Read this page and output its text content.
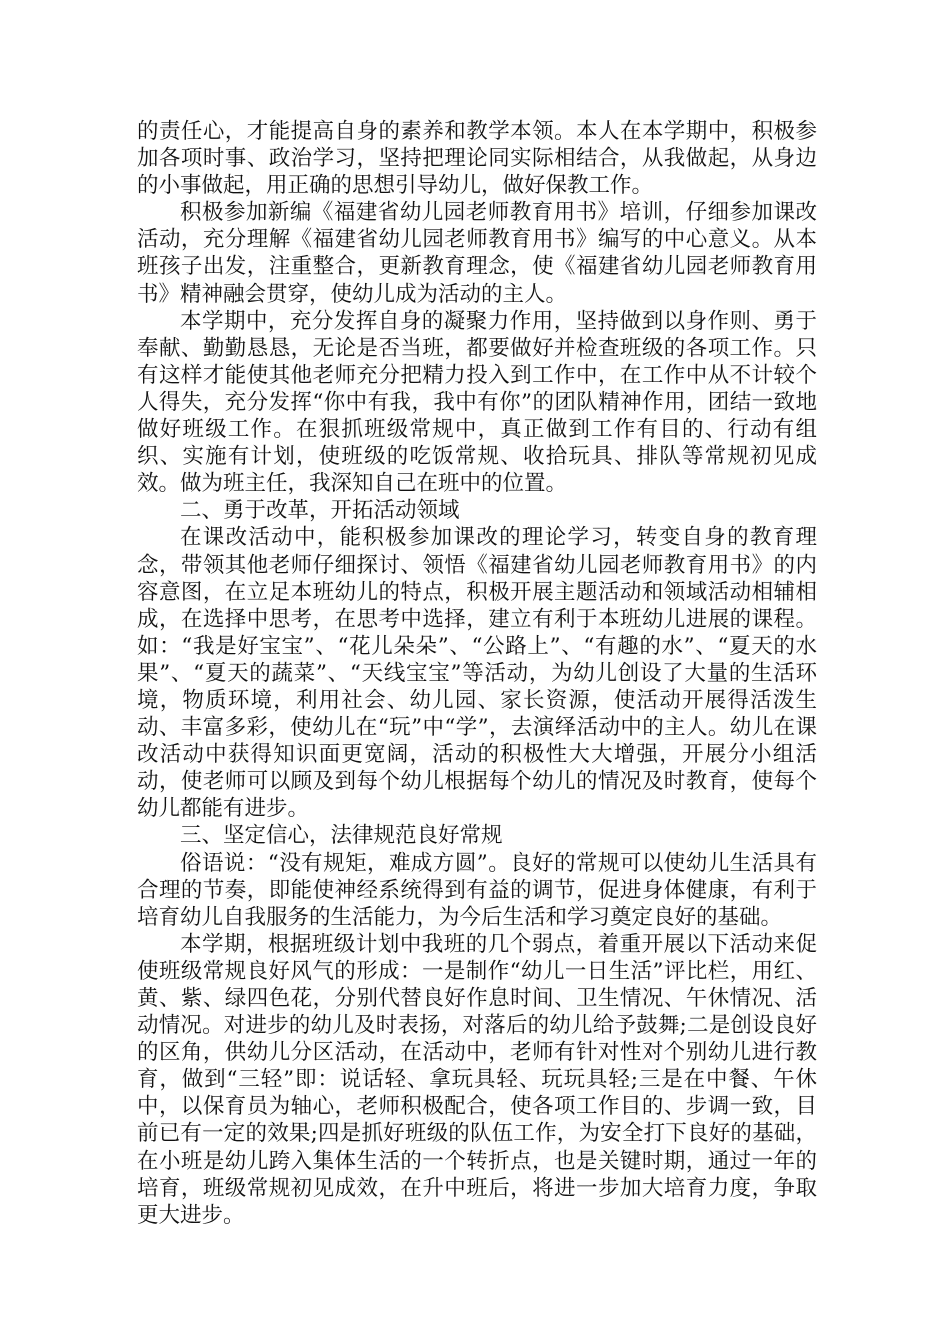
的责任心，才能提高自身的素养和教学本领。本人在本学期中，积极参加各项时事、政治学习，坚持把理论同实际相结合，从我做起，从身边的小事做起，用正确的思想引导幼儿，做好保教工作。

积极参加新编《福建省幼儿园老师教育用书》培训，仔细参加课改活动，充分理解《福建省幼儿园老师教育用书》编写的中心意义。从本班孩子出发，注重整合，更新教育理念，使《福建省幼儿园老师教育用书》精神融会贯穿，使幼儿成为活动的主人。

本学期中，充分发挥自身的凝聚力作用，坚持做到以身作则、勇于奉献、勤勤恳恳，无论是否当班，都要做好并检查班级的各项工作。只有这样才能使其他老师充分把精力投入到工作中，在工作中从不计较个人得失，充分发挥“你中有我，我中有你”的团队精神作用，团结一致地做好班级工作。在狠抓班级常规中，真正做到工作有目的、行动有组织、实施有计划，使班级的吃饭常规、收拾玩具、排队等常规初见成效。做为班主任，我深知自己在班中的位置。

二、勇于改革，开拓活动领域

在课改活动中，能积极参加课改的理论学习，转变自身的教育理念，带领其他老师仔细探讨、领悟《福建省幼儿园老师教育用书》的内容意图，在立足本班幼儿的特点，积极开展主题活动和领域活动相辅相成，在选择中思考，在思考中选择，建立有利于本班幼儿进展的课程。如：“我是好宝宝”、“花儿朵朵”、“公路上”、“有趣的水”、“夏天的水果”、“夏天的蔬菜”、“天线宝宝”等活动，为幼儿创设了大量的生活环境，物质环境，利用社会、幼儿园、家长资源，使活动开展得活泼生动、丰富多彩，使幼儿在“玩”中“学”，去演绎活动中的主人。幼儿在课改活动中获得知识面更宽阔，活动的积极性大大增强，开展分小组活动，使老师可以顾及到每个幼儿根据每个幼儿的情况及时教育，使每个幼儿都能有进步。

三、坚定信心，法律规范良好常规

俗语说：“没有规矩，难成方圆”。良好的常规可以使幼儿生活具有合理的节奏，即能使神经系统得到有益的调节，促进身体健康，有利于培育幼儿自我服务的生活能力，为今后生活和学习奠定良好的基础。

本学期，根据班级计划中我班的几个弱点，着重开展以下活动来促使班级常规良好风气的形成：一是制作“幼儿一日生活”评比栏，用红、黄、紫、绿四色花，分别代替良好作息时间、卫生情况、午休情况、活动情况。对进步的幼儿及时表扬，对落后的幼儿给予鼓舞;二是创设良好的区角，供幼儿分区活动，在活动中，老师有针对性对个别幼儿进行教育，做到“三轻”即：说话轻、拿玩具轻、玩玩具轻;三是在中餐、午休中，以保育员为轴心，老师积极配合，使各项工作目的、步调一致，目前已有一定的效果;四是抓好班级的队伍工作，为安全打下良好的基础，在小班是幼儿跨入集体生活的一个转折点，也是关键时期，通过一年的培育，班级常规初见成效，在升中班后，将进一步加大培育力度，争取更大进步。
